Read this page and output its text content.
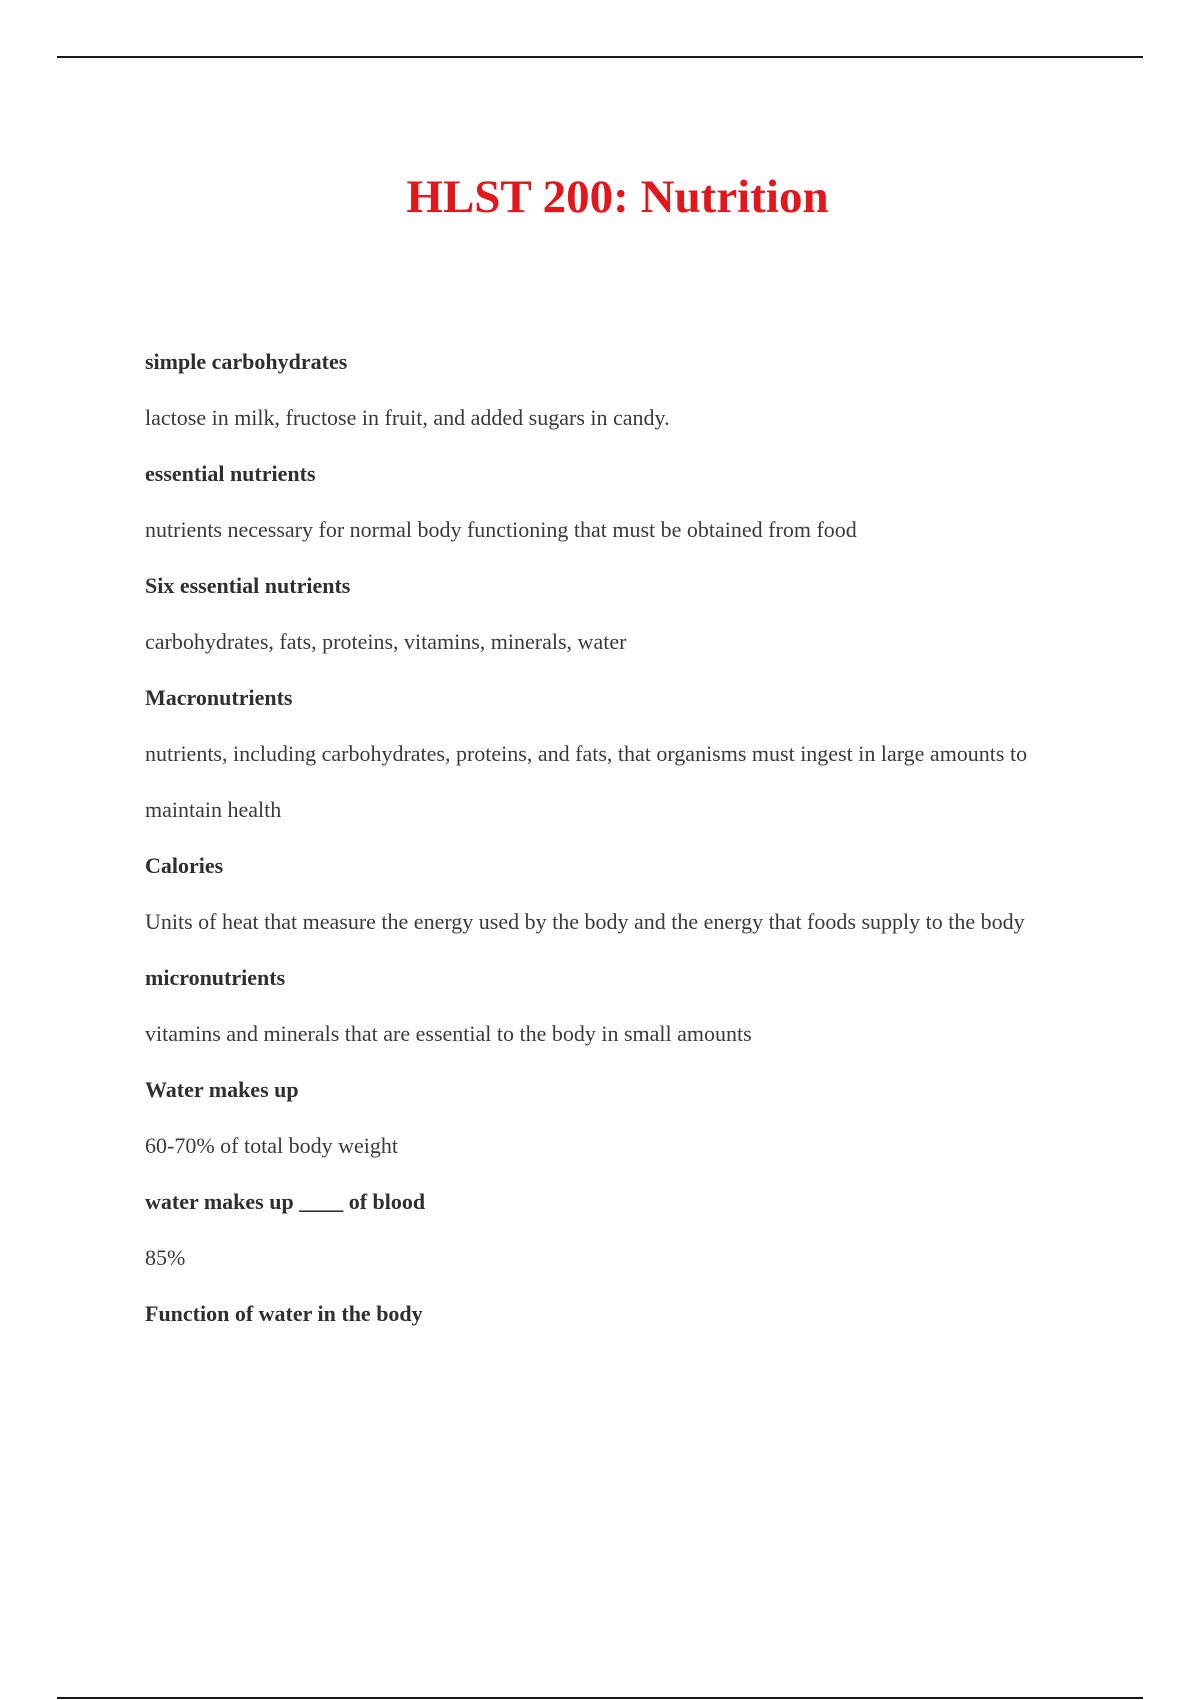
HLST 200: Nutrition

simple carbohydrates

lactose in milk, fructose in fruit, and added sugars in candy.

essential nutrients

nutrients necessary for normal body functioning that must be obtained from food

Six essential nutrients

carbohydrates, fats, proteins, vitamins, minerals, water

Macronutrients

nutrients, including carbohydrates, proteins, and fats, that organisms must ingest in large amounts to maintain health

Calories

Units of heat that measure the energy used by the body and the energy that foods supply to the body

micronutrients

vitamins and minerals that are essential to the body in small amounts

Water makes up

60-70% of total body weight

water makes up ____ of blood

85%

Function of water in the body
